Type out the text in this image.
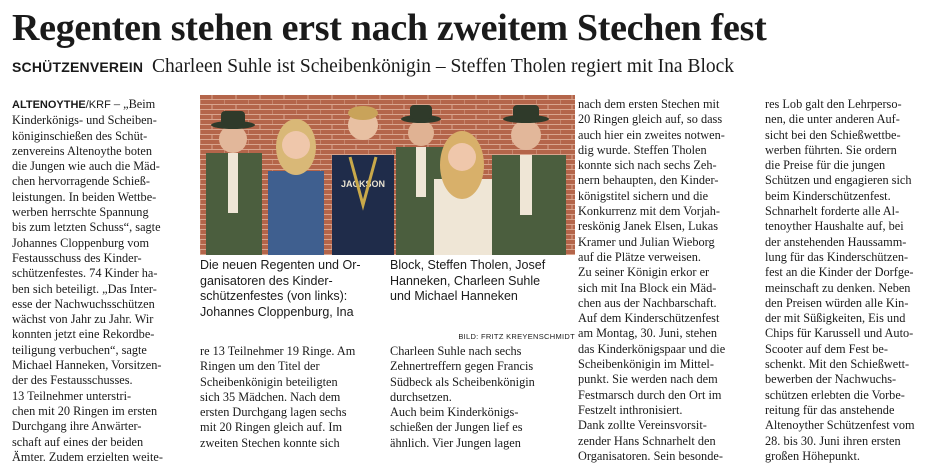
Regenten stehen erst nach zweitem Stechen fest
SCHÜTZENVEREIN Charleen Suhle ist Scheibenkönigin – Steffen Tholen regiert mit Ina Block

ALTENOYTHE/KRF – „Beim
Kinderkönigs- und Scheiben-
königinschießen des Schüt-
zenvereins Altenoythe boten
die Jungen wie auch die Mäd-
chen hervorragende Schieß-
leistungen. In beiden Wettbe-
werben herrschte Spannung
bis zum letzten Schuss“, sagte
Johannes Cloppenburg vom
Festausschuss des Kinder-
schützenfestes. 74 Kinder ha-
ben sich beteiligt. „Das Inter-
esse der Nachwuchsschützen
wächst von Jahr zu Jahr. Wir
konnten jetzt eine Rekordbe-
teiligung verbuchen“, sagte
Michael Hanneken, Vorsitzen-
der des Festausschusses.
13 Teilnehmer unterstri-
chen mit 20 Ringen im ersten
Durchgang ihre Anwärter-
schaft auf eines der beiden
Ämter. Zudem erzielten weite-

JACKSON

Die neuen Regenten und Or-
ganisatoren des Kinder-
schützenfestes (von links):
Johannes Cloppenburg, Ina

Block, Steffen Tholen, Josef
Hanneken, Charleen Suhle
und Michael Hanneken

BILD: FRITZ KREYENSCHMIDT

re 13 Teilnehmer 19 Ringe. Am
Ringen um den Titel der
Scheibenkönigin beteiligten
sich 35 Mädchen. Nach dem
ersten Durchgang lagen sechs
mit 20 Ringen gleich auf. Im
zweiten Stechen konnte sich

Charleen Suhle nach sechs
Zehnertreffern gegen Francis
Südbeck als Scheibenkönigin
durchsetzen.
Auch beim Kinderkönigs-
schießen der Jungen lief es
ähnlich. Vier Jungen lagen

nach dem ersten Stechen mit
20 Ringen gleich auf, so dass
auch hier ein zweites notwen-
dig wurde. Steffen Tholen
konnte sich nach sechs Zeh-
nern behaupten, den Kinder-
königstitel sichern und die
Konkurrenz mit dem Vorjah-
reskönig Janek Elsen, Lukas
Kramer und Julian Wieborg
auf die Plätze verweisen.
Zu seiner Königin erkor er
sich mit Ina Block ein Mäd-
chen aus der Nachbarschaft.
Auf dem Kinderschützenfest
am Montag, 30. Juni, stehen
das Kinderkönigspaar und die
Scheibenkönigin im Mittel-
punkt. Sie werden nach dem
Festmarsch durch den Ort im
Festzelt inthronisiert.
Dank zollte Vereinsvorsit-
zender Hans Schnarhelt den
Organisatoren. Sein besonde-

res Lob galt den Lehrperso-
nen, die unter anderen Auf-
sicht bei den Schießwettbe-
werben führten. Sie ordern
die Preise für die jungen
Schützen und engagieren sich
beim Kinderschützenfest.
Schnarhelt forderte alle Al-
tenoyther Haushalte auf, bei
der anstehenden Haussamm-
lung für das Kinderschützen-
fest an die Kinder der Dorfge-
meinschaft zu denken. Neben
den Preisen würden alle Kin-
der mit Süßigkeiten, Eis und
Chips für Karussell und Auto-
Scooter auf dem Fest be-
schenkt. Mit den Schießwett-
bewerben der Nachwuchs-
schützen erlebten die Vorbe-
reitung für das anstehende
Altenoyther Schützenfest vom
28. bis 30. Juni ihren ersten
großen Höhepunkt.
